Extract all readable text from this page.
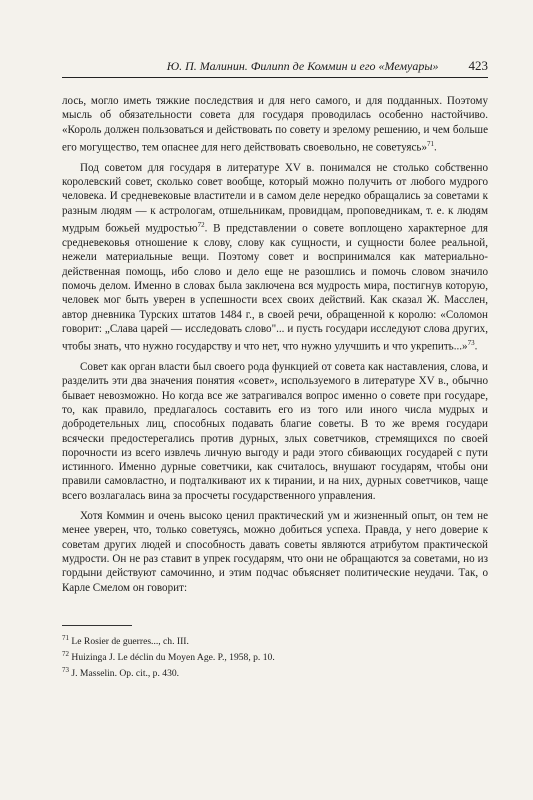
Ю. П. Малинин. Филипп де Коммин и его «Мемуары» 423

лось, могло иметь тяжкие последствия и для него самого, и для подданных. Поэтому мысль об обязательности совета для государя проводилась особенно настойчиво. «Король должен пользоваться и действовать по совету и зрелому решению, и чем больше его могущество, тем опаснее для него действовать своевольно, не советуясь»$^{71}$.

Под советом для государя в литературе XV в. понимался не столько собственно королевский совет, сколько совет вообще, который можно получить от любого мудрого человека. И средневековые властители и в самом деле нередко обращались за советами к разным людям — к астрологам, отшельникам, провидцам, проповедникам, т. е. к людям мудрым божьей мудростью$^{72}$. В представлении о совете воплощено характерное для средневековья отношение к слову, слову как сущности, и сущности более реальной, нежели материальные вещи. Поэтому совет и воспринимался как материально-действенная помощь, ибо слово и дело еще не разошлись и помочь словом значило помочь делом. Именно в словах была заключена вся мудрость мира, постигнув которую, человек мог быть уверен в успешности всех своих действий. Как сказал Ж. Масслен, автор дневника Турских штатов 1484 г., в своей речи, обращенной к королю: «Соломон говорит: „Слава царей — исследовать слово"... и пусть государи исследуют слова других, чтобы знать, что нужно государству и что нет, что нужно улучшить и что укрепить...»$^{73}$.

Совет как орган власти был своего рода функцией от совета как наставления, слова, и разделить эти два значения понятия «совет», используемого в литературе XV в., обычно бывает невозможно. Но когда все же затрагивался вопрос именно о совете при государе, то, как правило, предлагалось составить его из того или иного числа мудрых и добродетельных лиц, способных подавать благие советы. В то же время государи всячески предостерегались против дурных, злых советчиков, стремящихся по своей порочности из всего извлечь личную выгоду и ради этого сбивающих государей с пути истинного. Именно дурные советчики, как считалось, внушают государям, чтобы они правили самовластно, и подталкивают их к тирании, и на них, дурных советчиков, чаще всего возлагалась вина за просчеты государственного управления.

Хотя Коммин и очень высоко ценил практический ум и жизненный опыт, он тем не менее уверен, что, только советуясь, можно добиться успеха. Правда, у него доверие к советам других людей и способность давать советы являются атрибутом практической мудрости. Он не раз ставит в упрек государям, что они не обращаются за советами, но из гордыни действуют самочинно, и этим подчас объясняет политические неудачи. Так, о Карле Смелом он говорит:

$^{71}$ Le Rosier de guerres..., ch. III.

$^{72}$ Huizinga J. Le déclin du Moyen Age. P., 1958, p. 10.

$^{73}$ J. Masselin. Op. cit., p. 430.
